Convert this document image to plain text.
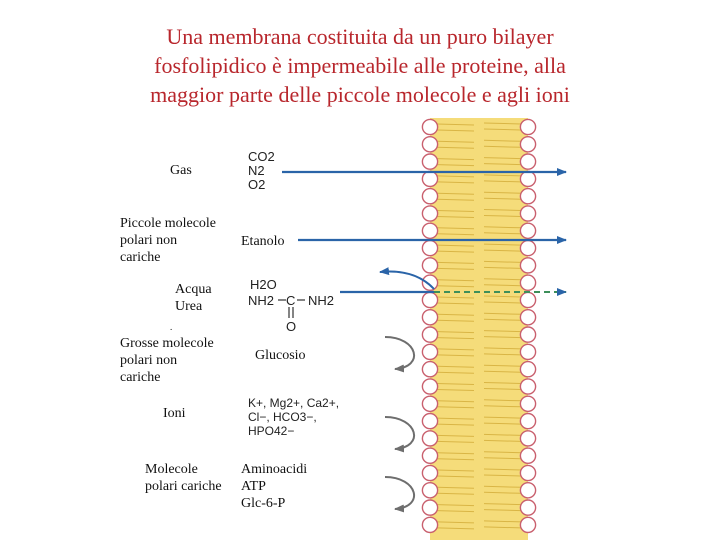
Una membrana costituita da un puro bilayer
fosfolipidico è impermeabile alle proteine, alla
maggior parte delle piccole molecole e agli ioni

Gas

Piccole molecole
polari non
cariche

Acqua
Urea

.

Grosse molecole
polari non
cariche

Ioni

Molecole
polari cariche

CO2
N2
O2

Etanolo

H2O

NH2 C NH2

O

Glucosio

K+, Mg2+, Ca2+,
Cl−, HCO3−,
HPO42−

Aminoacidi
ATP
Glc-6-P
